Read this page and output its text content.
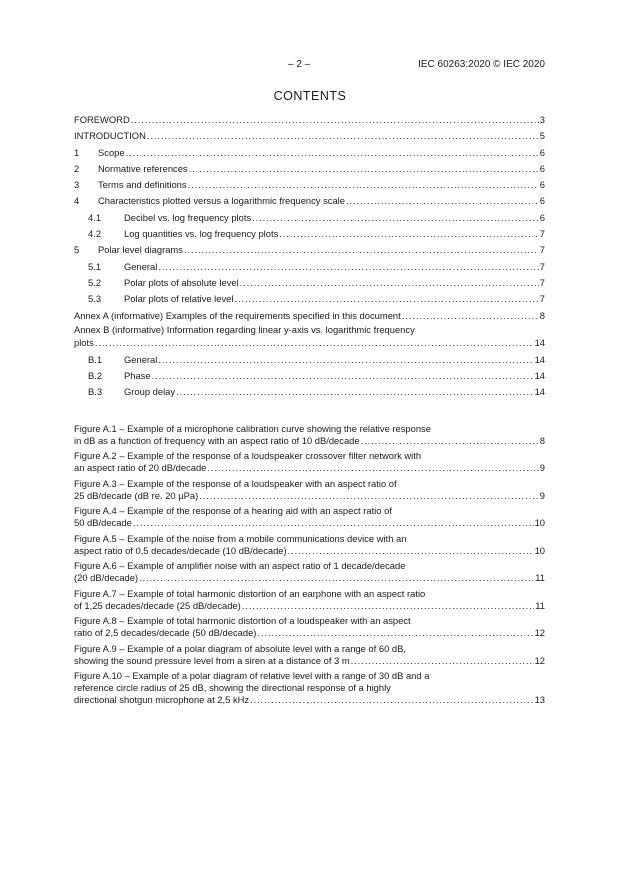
– 2 –	IEC 60263:2020 © IEC 2020
CONTENTS
FOREWORD .....	3
INTRODUCTION .....	5
1	Scope .....	6
2	Normative references .....	6
3	Terms and definitions .....	6
4	Characteristics plotted versus a logarithmic frequency scale .....	6
4.1	Decibel vs. log frequency plots .....	6
4.2	Log quantities vs. log frequency plots .....	7
5	Polar level diagrams .....	7
5.1	General .....	7
5.2	Polar plots of absolute level .....	7
5.3	Polar plots of relative level .....	7
Annex A (informative) Examples of the requirements specified in this document .....	8
Annex B (informative) Information regarding linear y-axis vs. logarithmic frequency
plots .....	14
B.1	General .....	14
B.2	Phase .....	14
B.3	Group delay .....	14
Figure A.1 – Example of a microphone calibration curve showing the relative response
in dB as a function of frequency with an aspect ratio of 10 dB/decade .....	8
Figure A.2 – Example of the response of a loudspeaker crossover filter network with
an aspect ratio of 20 dB/decade .....	9
Figure A.3 – Example of the response of a loudspeaker with an aspect ratio of
25 dB/decade (dB re. 20 µPa) .....	9
Figure A.4 – Example of the response of a hearing aid with an aspect ratio of
50 dB/decade .....	10
Figure A.5 – Example of the noise from a mobile communications device with an
aspect ratio of 0,5 decades/decade (10 dB/decade) .....	10
Figure A.6 – Example of amplifier noise with an aspect ratio of 1 decade/decade
(20 dB/decade) .....	11
Figure A.7 – Example of total harmonic distortion of an earphone with an aspect ratio
of 1,25 decades/decade (25 dB/decade) .....	11
Figure A.8 – Example of total harmonic distortion of a loudspeaker with an aspect
ratio of 2,5 decades/decade (50 dB/decade) .....	12
Figure A.9 – Example of a polar diagram of absolute level with a range of 60 dB,
showing the sound pressure level from a siren at a distance of 3 m .....	12
Figure A.10 – Example of a polar diagram of relative level with a range of 30 dB and a
reference circle radius of 25 dB, showing the directional response of a highly
directional shotgun microphone at 2,5 kHz .....	13
